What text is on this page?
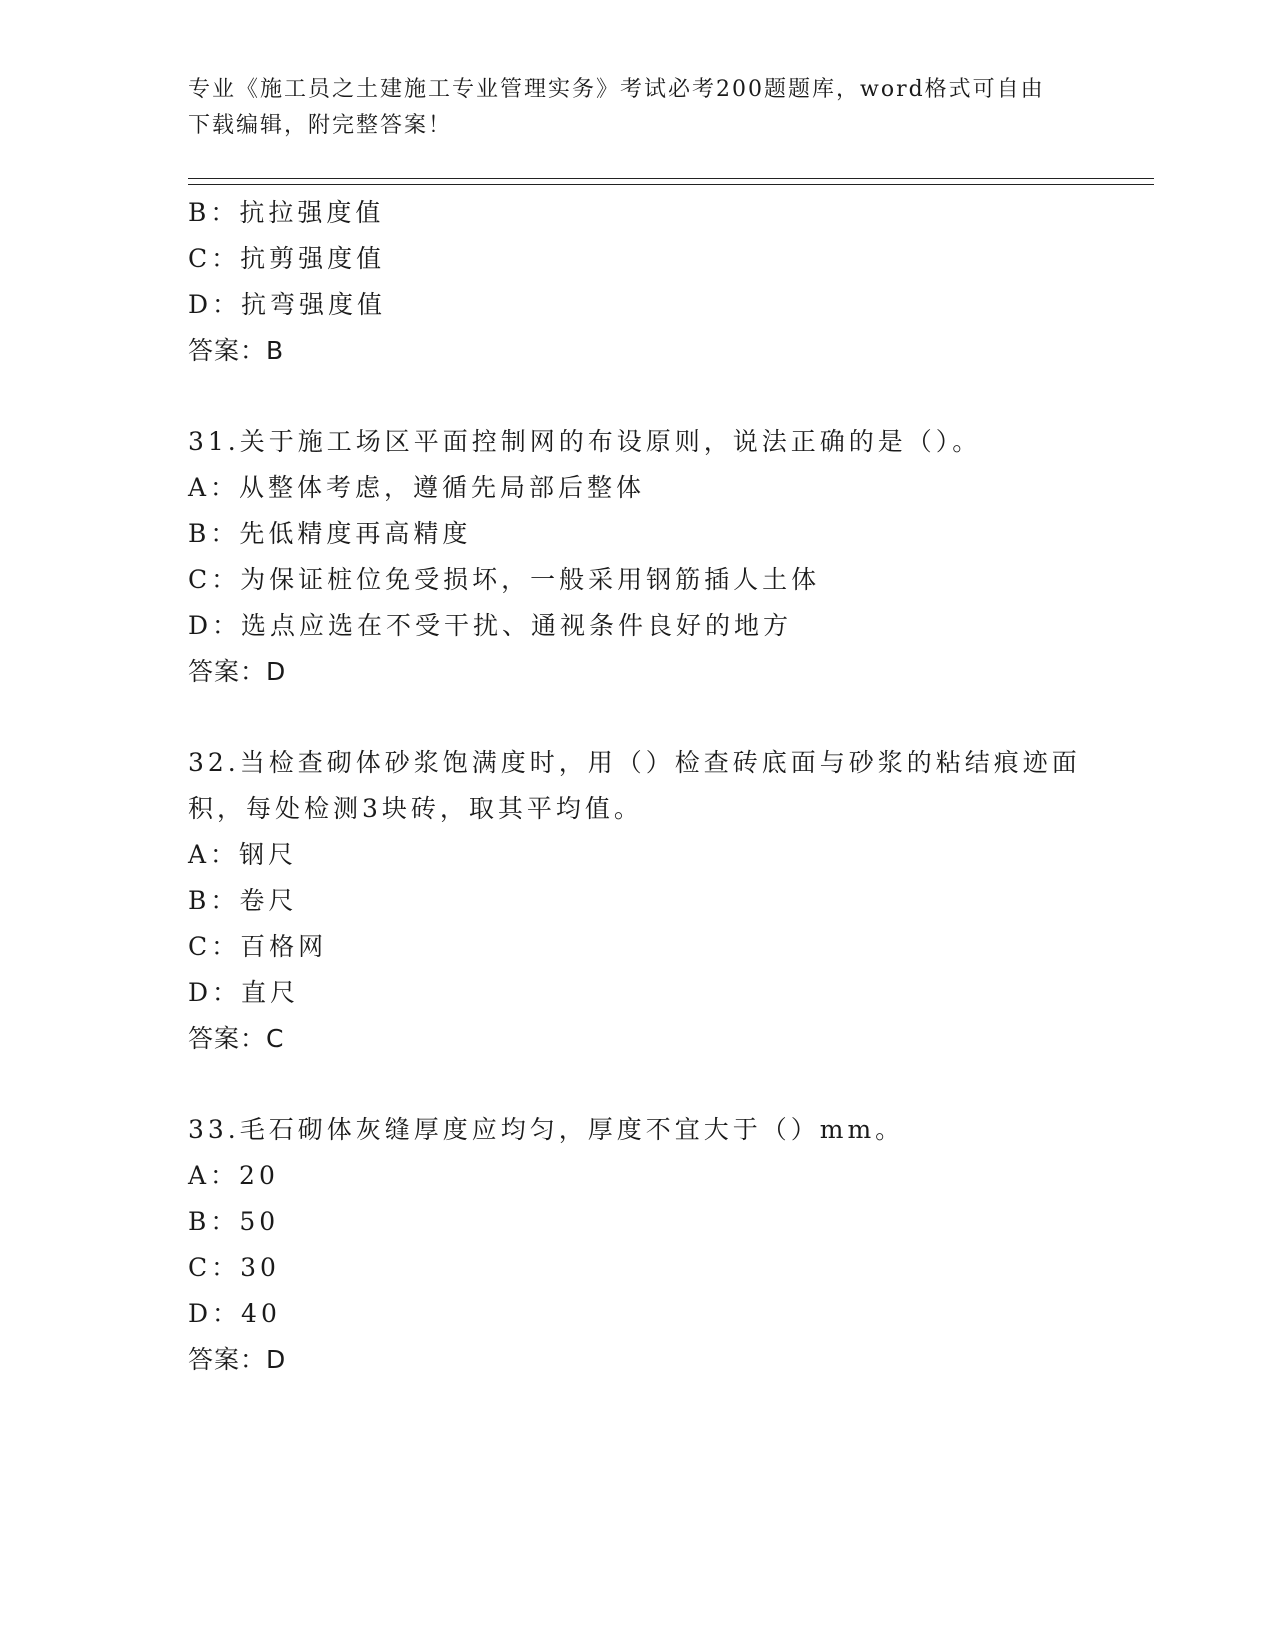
专业《施工员之土建施工专业管理实务》考试必考200题题库，word格式可自由
下载编辑，附完整答案！
B：抗拉强度值
C：抗剪强度值
D：抗弯强度值
答案：B
31.关于施工场区平面控制网的布设原则，说法正确的是（）。
A：从整体考虑，遵循先局部后整体
B：先低精度再高精度
C：为保证桩位免受损坏，一般采用钢筋插人土体
D：选点应选在不受干扰、通视条件良好的地方
答案：D
32.当检查砌体砂浆饱满度时，用（）检查砖底面与砂浆的粘结痕迹面
积，每处检测3块砖，取其平均值。
A：钢尺
B：卷尺
C：百格网
D：直尺
答案：C
33.毛石砌体灰缝厚度应均匀，厚度不宜大于（）mm。
A：20
B：50
C：30
D：40
答案：D
